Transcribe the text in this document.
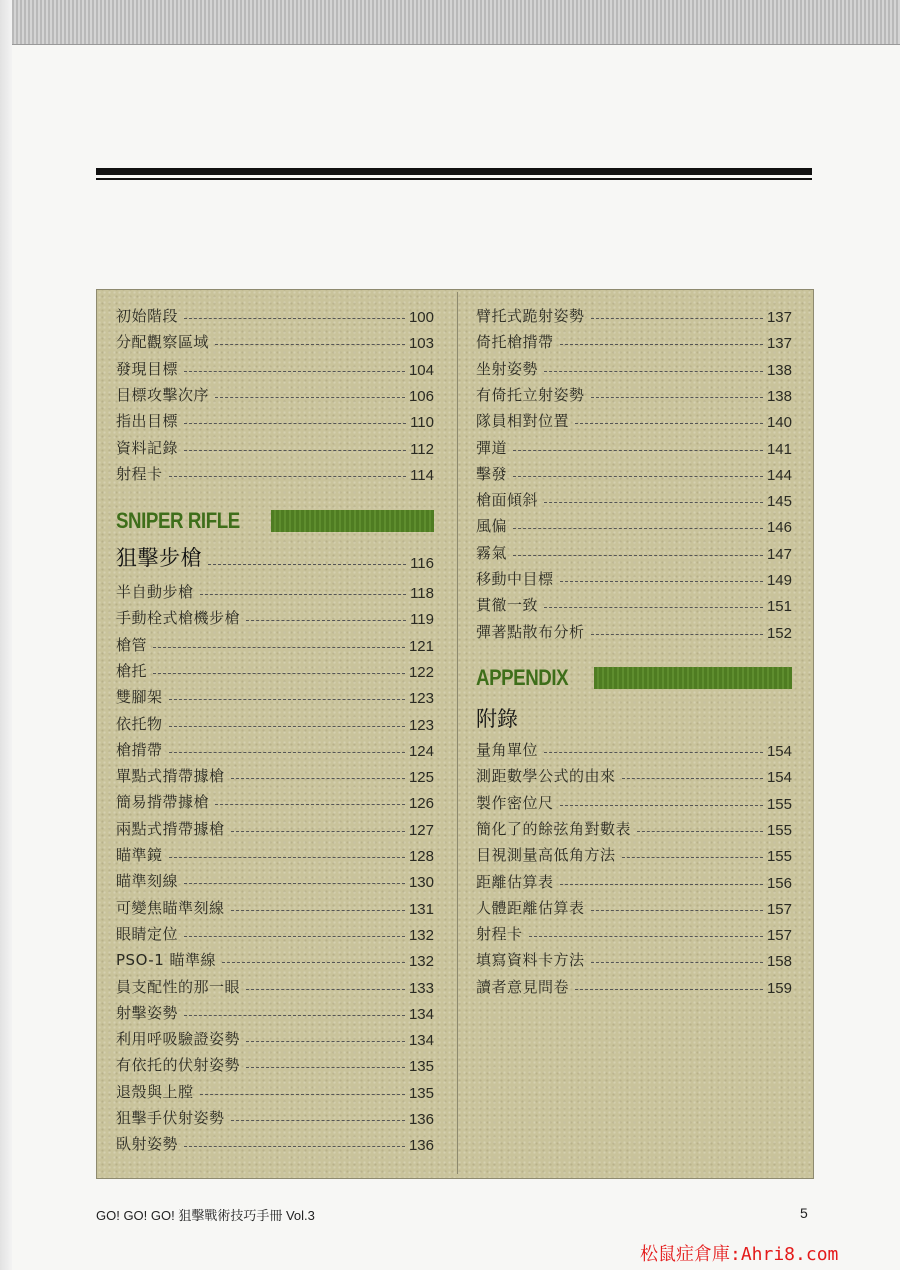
初始階段	100
分配觀察區域	103
發現目標	104
目標攻擊次序	106
指出目標	110
資料記錄	112
射程卡	114
SNIPER RIFLE
狙擊步槍	116
半自動步槍	118
手動栓式槍機步槍	119
槍管	121
槍托	122
雙腳架	123
依托物	123
槍揹帶	124
單點式揹帶據槍	125
簡易揹帶據槍	126
兩點式揹帶據槍	127
瞄準鏡	128
瞄準刻線	130
可變焦瞄準刻線	131
眼睛定位	132
PSO-1 瞄準線	132
員支配性的那一眼	133
射擊姿勢	134
利用呼吸驗證姿勢	134
有依托的伏射姿勢	135
退殼與上膛	135
狙擊手伏射姿勢	136
臥射姿勢	136
臂托式跪射姿勢	137
倚托槍揹帶	137
坐射姿勢	138
有倚托立射姿勢	138
隊員相對位置	140
彈道	141
擊發	144
槍面傾斜	145
風偏	146
霧氣	147
移動中目標	149
貫徹一致	151
彈著點散布分析	152
APPENDIX
附錄
量角單位	154
測距數學公式的由來	154
製作密位尺	155
簡化了的餘弦角對數表	155
目視測量高低角方法	155
距離估算表	156
人體距離估算表	157
射程卡	157
填寫資料卡方法	158
讀者意見問卷	159
GO! GO! GO! 狙擊戰術技巧手冊 Vol.3	5
松鼠症倉庫:Ahri8.com
